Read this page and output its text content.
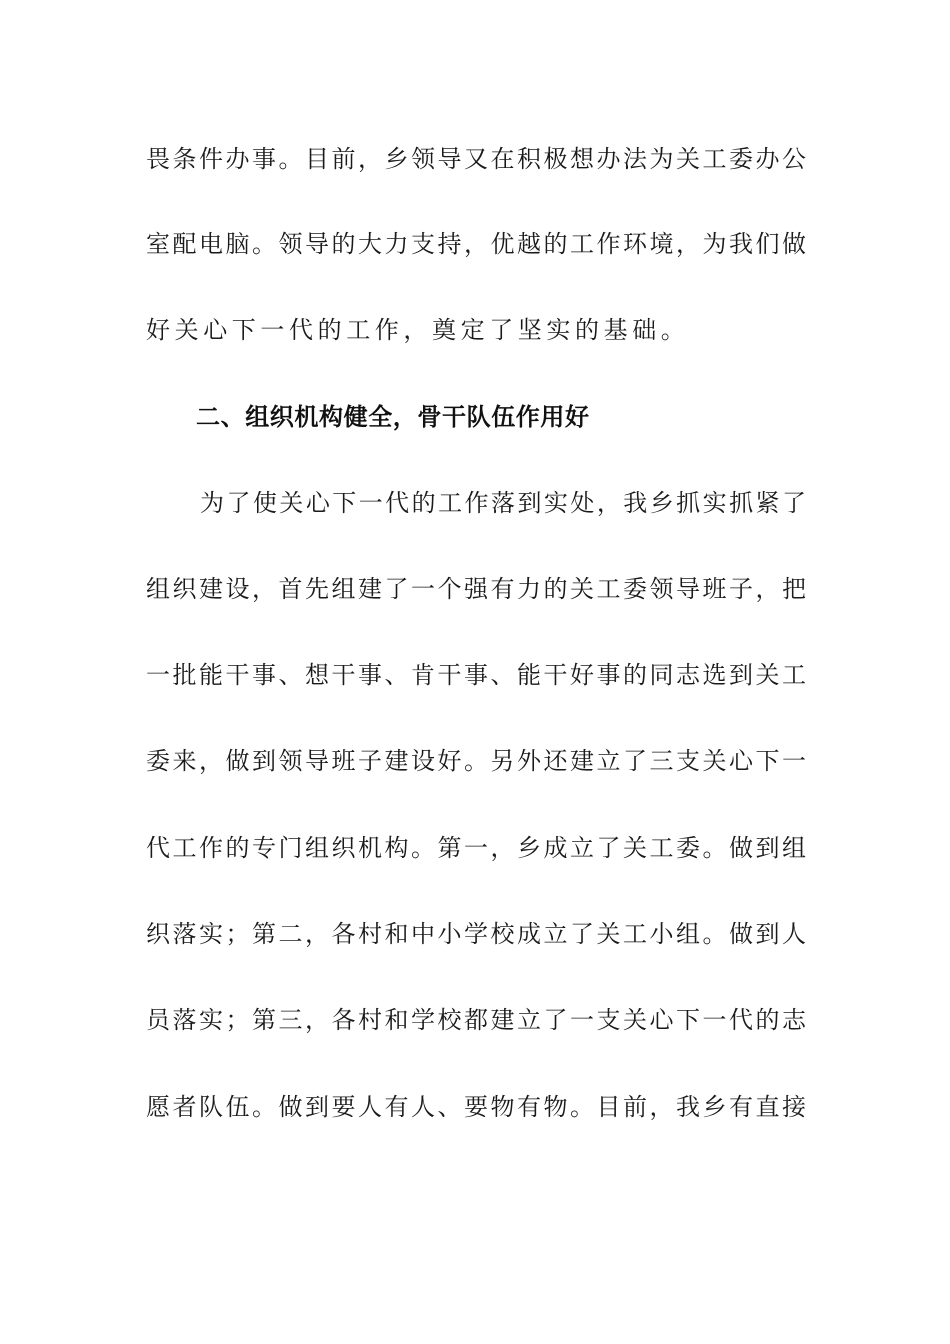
畏条件办事。目前，乡领导又在积极想办法为关工委办公
室配电脑。领导的大力支持，优越的工作环境，为我们做
好关心下一代的工作，奠定了坚实的基础。
二、组织机构健全，骨干队伍作用好
为了使关心下一代的工作落到实处，我乡抓实抓紧了
组织建设，首先组建了一个强有力的关工委领导班子，把
一批能干事、想干事、肯干事、能干好事的同志选到关工
委来，做到领导班子建设好。另外还建立了三支关心下一
代工作的专门组织机构。第一，乡成立了关工委。做到组
织落实；第二，各村和中小学校成立了关工小组。做到人
员落实；第三，各村和学校都建立了一支关心下一代的志
愿者队伍。做到要人有人、要物有物。目前，我乡有直接
